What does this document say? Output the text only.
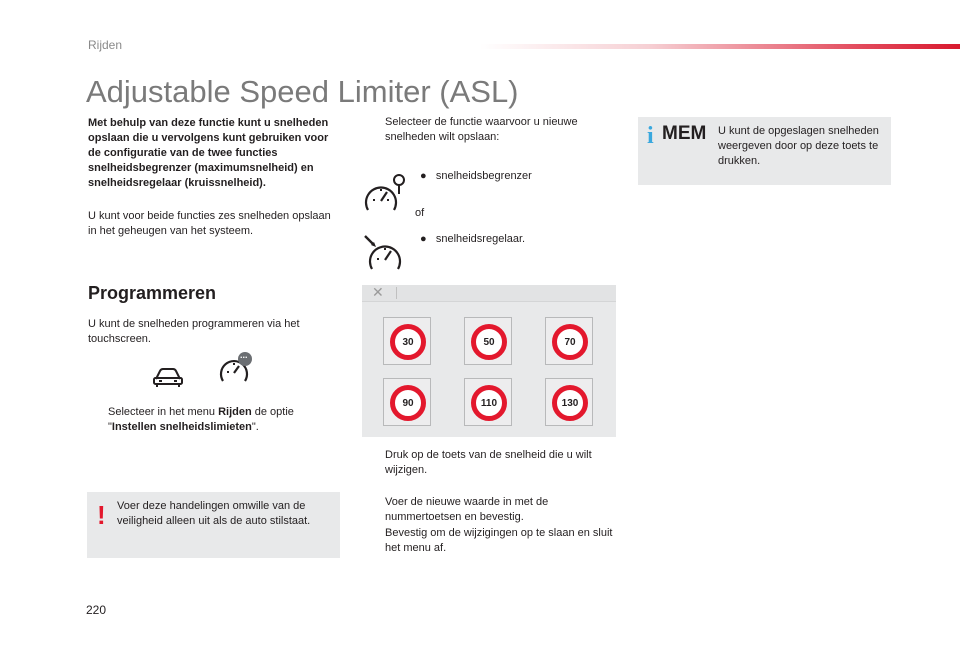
Rijden
Adjustable Speed Limiter (ASL)
Met behulp van deze functie kunt u snelheden opslaan die u vervolgens kunt gebruiken voor de configuratie van de twee functies snelheidsbegrenzer (maximumsnelheid) en snelheidsregelaar (kruissnelheid).
U kunt voor beide functies zes snelheden opslaan in het geheugen van het systeem.
Programmeren
U kunt de snelheden programmeren via het touchscreen.
...
Selecteer in het menu Rijden de optie "Instellen snelheidslimieten".
! Voer deze handelingen omwille van de veiligheid alleen uit als de auto stilstaat.
Selecteer de functie waarvoor u nieuwe snelheden wilt opslaan:
● snelheidsbegrenzer
of
● snelheidsregelaar.
✕
30	50	70
90	110	130
Druk op de toets van de snelheid die u wilt wijzigen.
Voer de nieuwe waarde in met de nummertoetsen en bevestig.
Bevestig om de wijzigingen op te slaan en sluit het menu af.
i MEM U kunt de opgeslagen snelheden weergeven door op deze toets te drukken.
220
